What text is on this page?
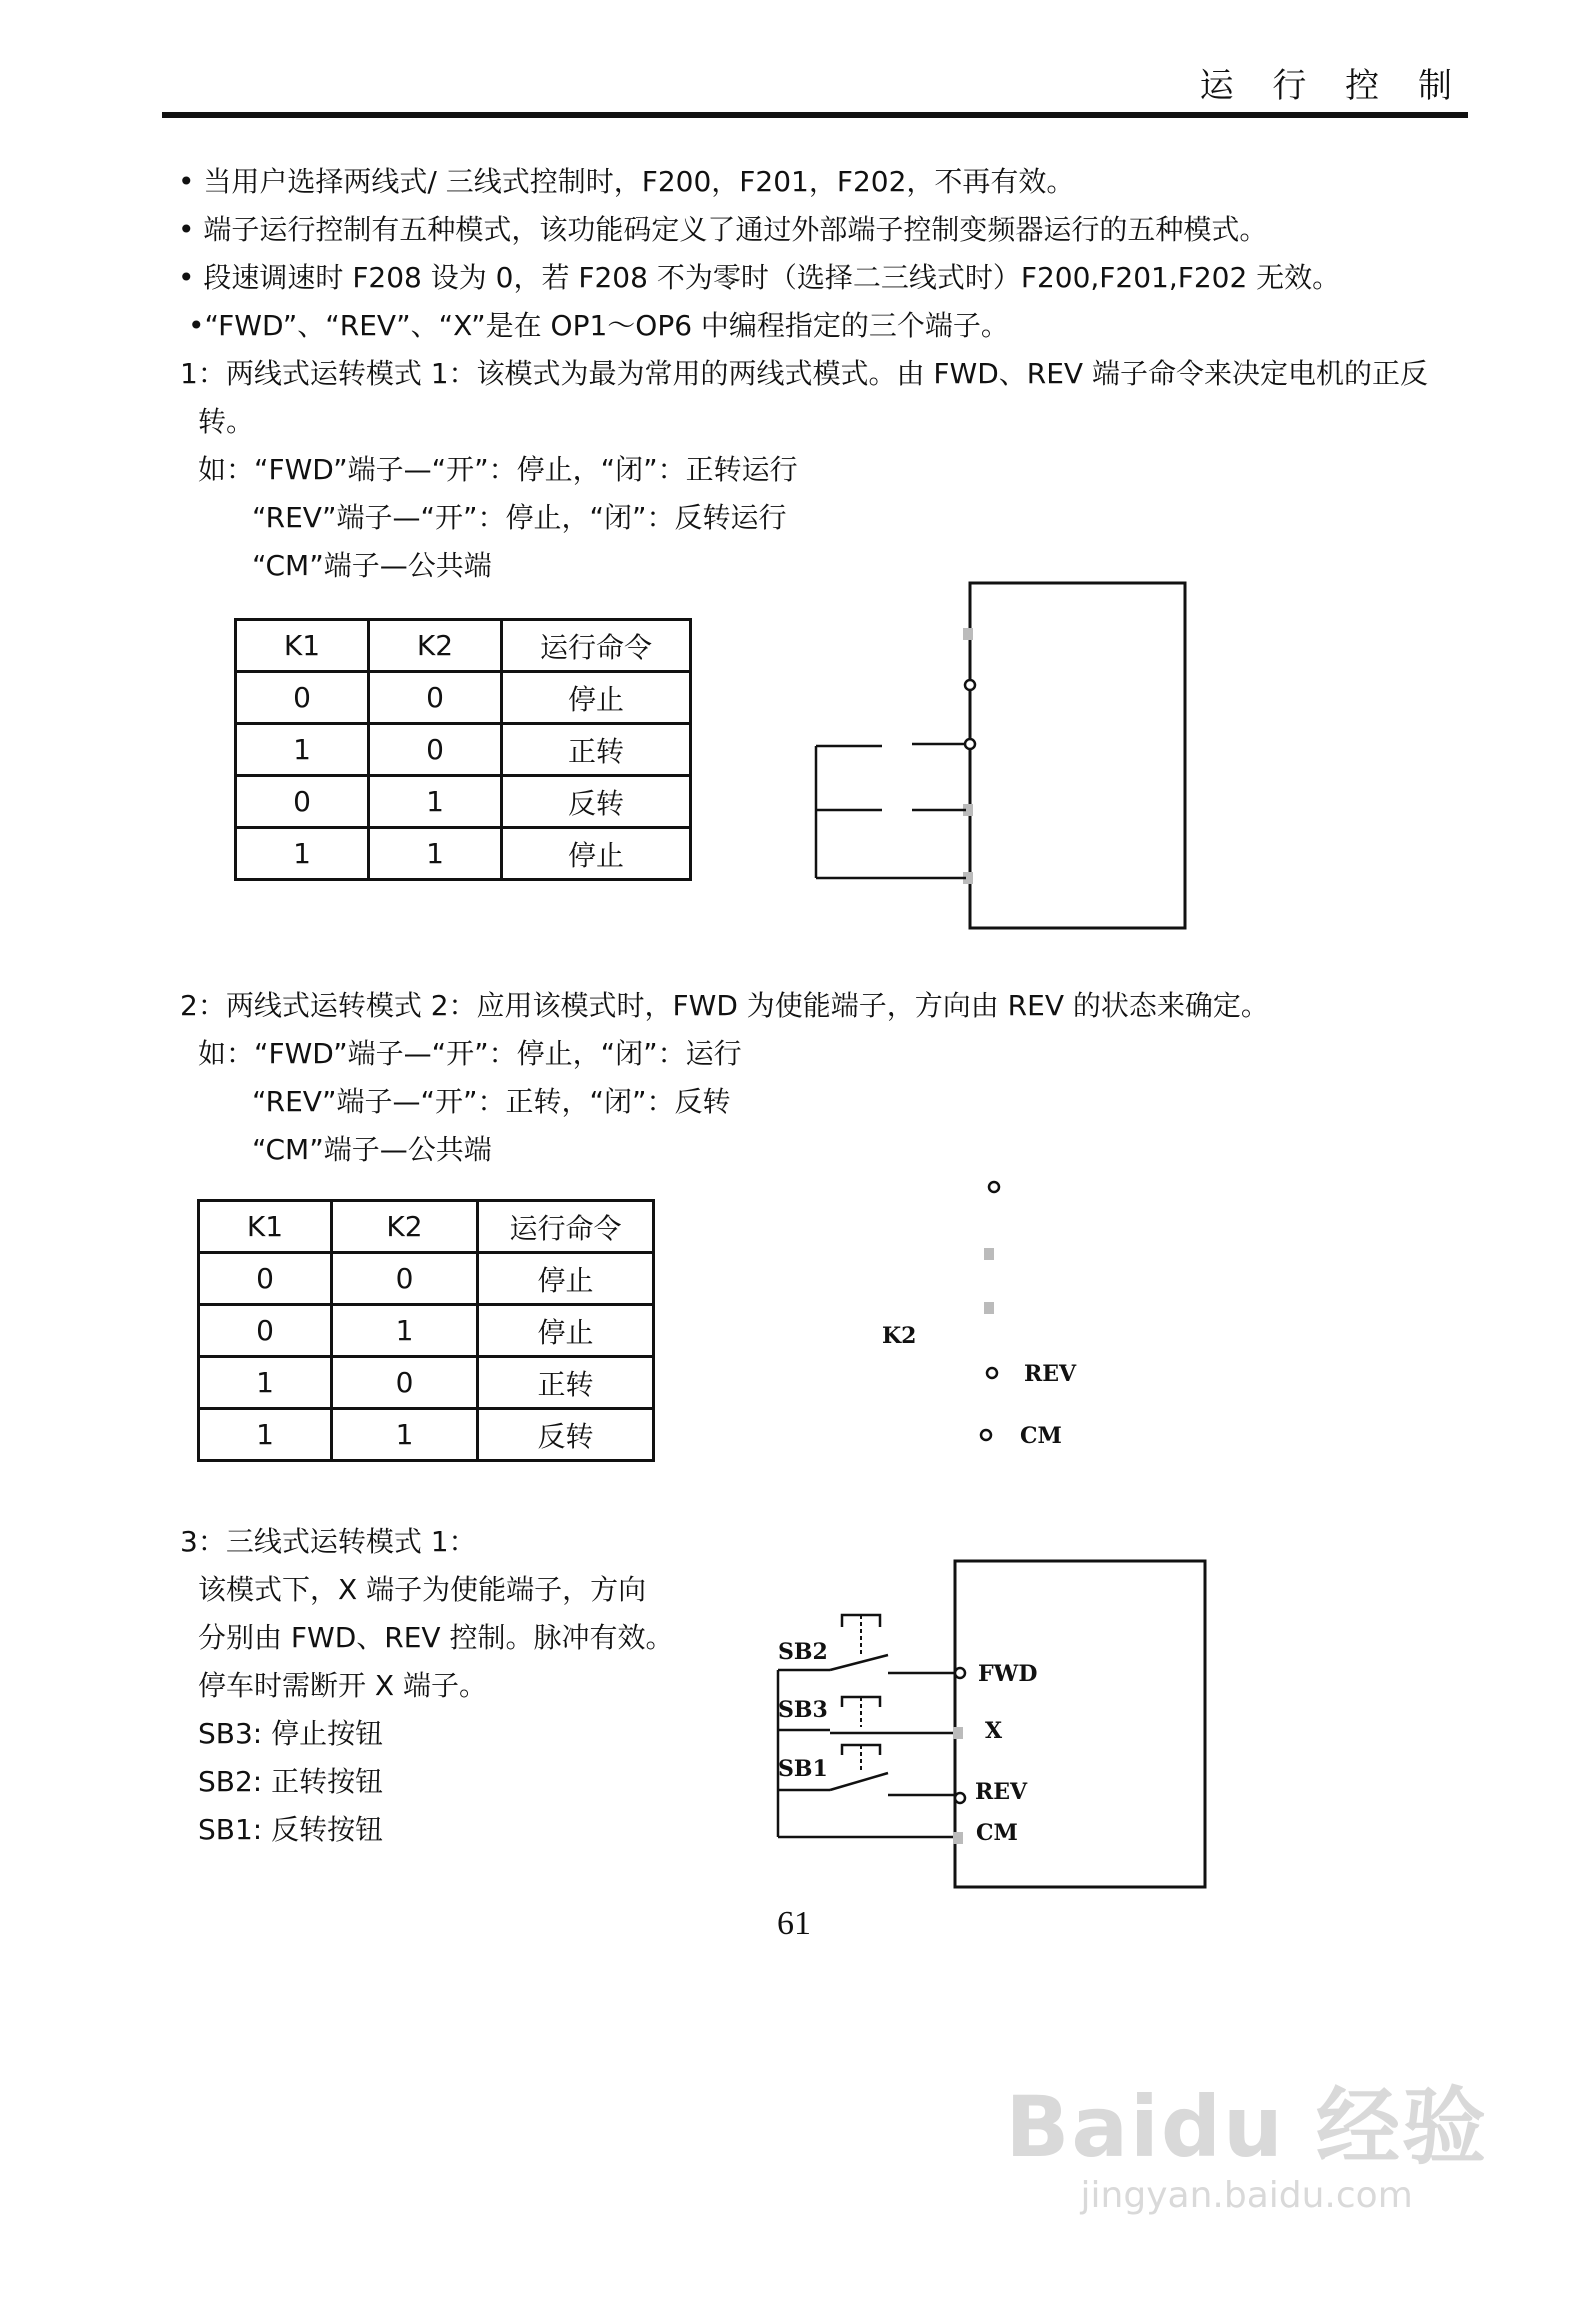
运 行 控 制
• 当用户选择两线式/ 三线式控制时，F200，F201，F202，不再有效。
• 端子运行控制有五种模式，该功能码定义了通过外部端子控制变频器运行的五种模式。
• 段速调速时 F208 设为 0，若 F208 不为零时（选择二三线式时）F200,F201,F202 无效。
•“FWD”、“REV”、“X”是在 OP1～OP6 中编程指定的三个端子。
1：两线式运转模式 1：该模式为最为常用的两线式模式。由 FWD、REV 端子命令来决定电机的正反
转。
如：“FWD”端子—“开”：停止，“闭”：正转运行
“REV”端子—“开”：停止，“闭”：反转运行
“CM”端子—公共端
K1	K2	运行命令
0	0	停止
1	0	正转
0	1	反转
1	1	停止
2：两线式运转模式 2：应用该模式时，FWD 为使能端子，方向由 REV 的状态来确定。
如：“FWD”端子—“开”：停止，“闭”：运行
“REV”端子—“开”：正转，“闭”：反转
“CM”端子—公共端
K1	K2	运行命令
0	0	停止
0	1	停止
1	0	正转
1	1	反转
K2
REV
CM
3：三线式运转模式 1：
该模式下，X 端子为使能端子，方向
分别由 FWD、REV 控制。脉冲有效。
停车时需断开 X 端子。
SB3: 停止按钮
SB2: 正转按钮
SB1: 反转按钮
SB2
FWD
SB3
X
SB1
REV
CM
61
Baidu 经验
jingyan.baidu.com
